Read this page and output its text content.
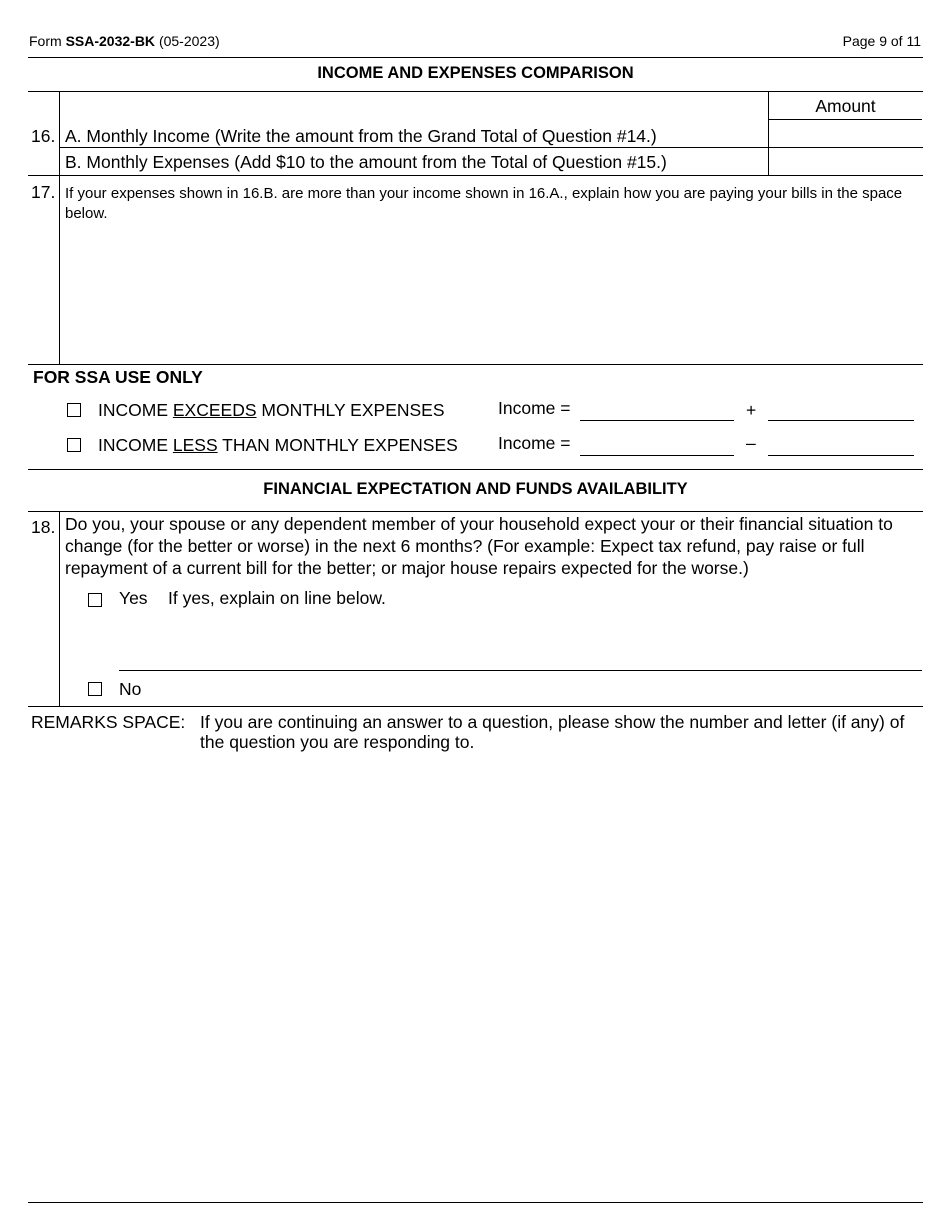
Form SSA-2032-BK (05-2023)	Page 9 of 11
INCOME AND EXPENSES COMPARISON
Amount
16. A. Monthly Income (Write the amount from the Grand Total of Question #14.)
B. Monthly Expenses (Add $10 to the amount from the Total of Question #15.)
17. If your expenses shown in 16.B. are more than your income shown in 16.A., explain how you are paying your bills in the space below.
FOR SSA USE ONLY
INCOME EXCEEDS MONTHLY EXPENSES	Income =	+
INCOME LESS THAN MONTHLY EXPENSES Income =	–
FINANCIAL EXPECTATION AND FUNDS AVAILABILITY
18. Do you, your spouse or any dependent member of your household expect your or their financial situation to change (for the better or worse) in the next 6 months? (For example: Expect tax refund, pay raise or full repayment of a current bill for the better; or major house repairs expected for the worse.)
Yes If yes, explain on line below.
No
REMARKS SPACE: If you are continuing an answer to a question, please show the number and letter (if any) of the question you are responding to.
